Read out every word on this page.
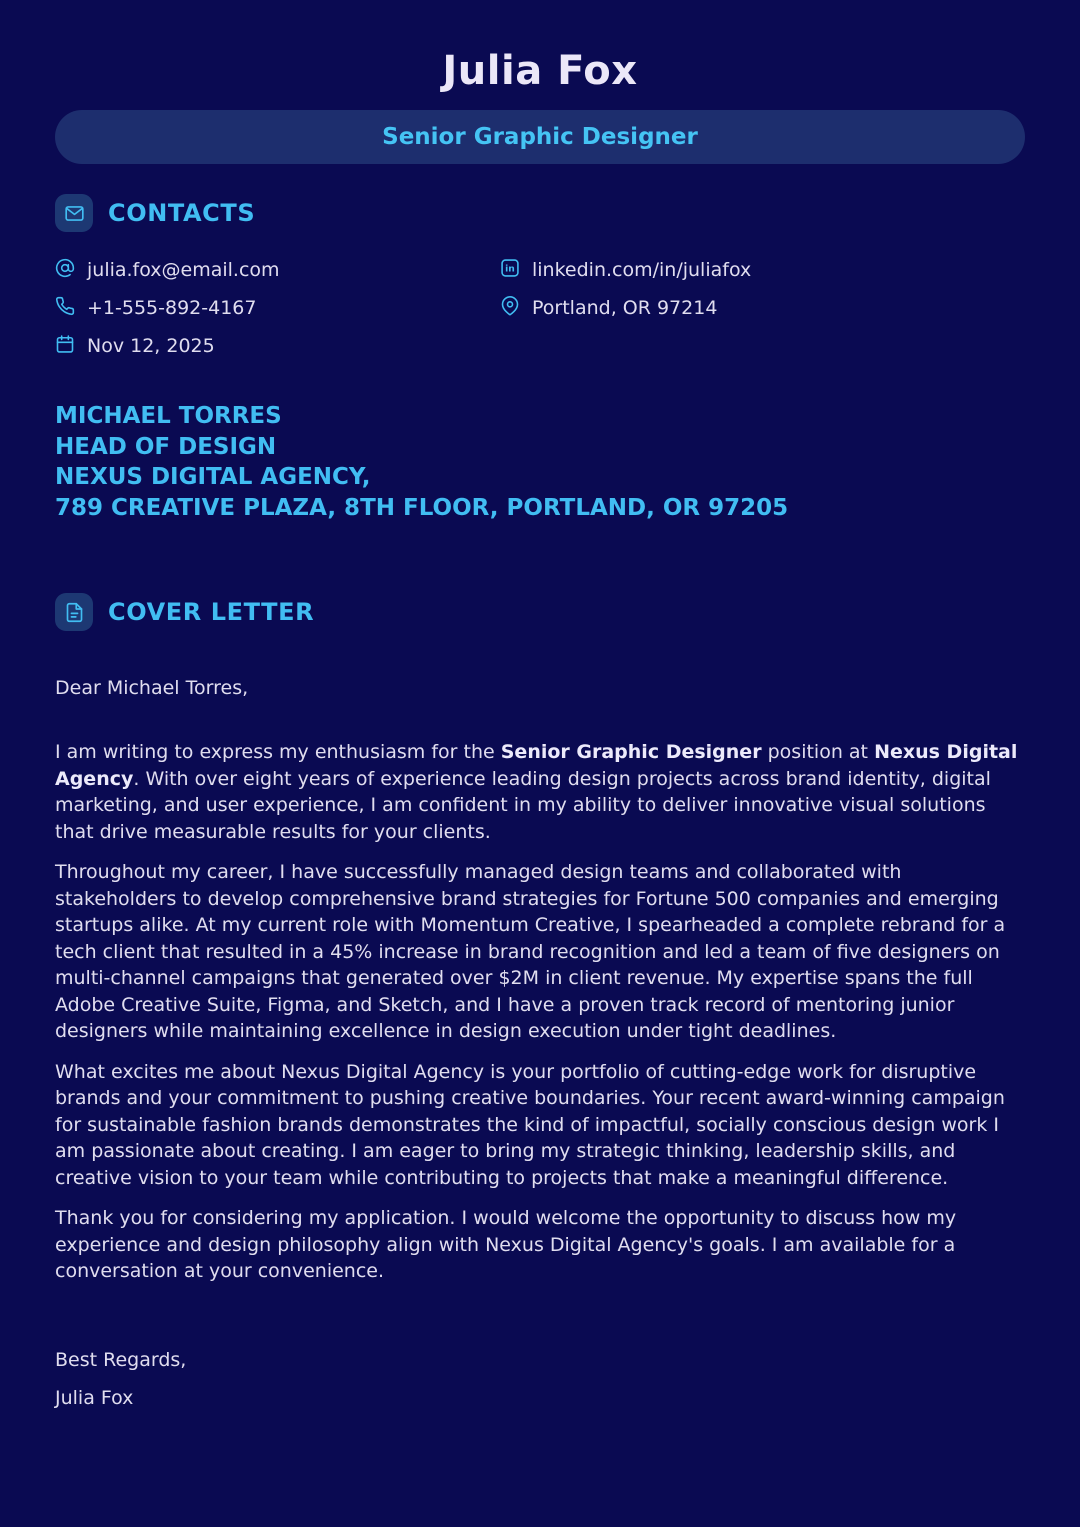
Julia Fox
Senior Graphic Designer
CONTACTS
julia.fox@email.com
+1-555-892-4167
Nov 12, 2025
in linkedin.com/in/juliafox
Portland, OR 97214
MICHAEL TORRES
HEAD OF DESIGN
NEXUS DIGITAL AGENCY,
789 CREATIVE PLAZA, 8TH FLOOR, PORTLAND, OR 97205
COVER LETTER
Dear Michael Torres,

I am writing to express my enthusiasm for the Senior Graphic Designer position at Nexus Digital Agency. With over eight years of experience leading design projects across brand identity, digital marketing, and user experience, I am confident in my ability to deliver innovative visual solutions that drive measurable results for your clients.

Throughout my career, I have successfully managed design teams and collaborated with stakeholders to develop comprehensive brand strategies for Fortune 500 companies and emerging startups alike. At my current role with Momentum Creative, I spearheaded a complete rebrand for a tech client that resulted in a 45% increase in brand recognition and led a team of five designers on multi-channel campaigns that generated over $2M in client revenue. My expertise spans the full Adobe Creative Suite, Figma, and Sketch, and I have a proven track record of mentoring junior designers while maintaining excellence in design execution under tight deadlines.

What excites me about Nexus Digital Agency is your portfolio of cutting-edge work for disruptive brands and your commitment to pushing creative boundaries. Your recent award-winning campaign for sustainable fashion brands demonstrates the kind of impactful, socially conscious design work I am passionate about creating. I am eager to bring my strategic thinking, leadership skills, and creative vision to your team while contributing to projects that make a meaningful difference.

Thank you for considering my application. I would welcome the opportunity to discuss how my experience and design philosophy align with Nexus Digital Agency's goals. I am available for a conversation at your convenience.

Best Regards,
Julia Fox
